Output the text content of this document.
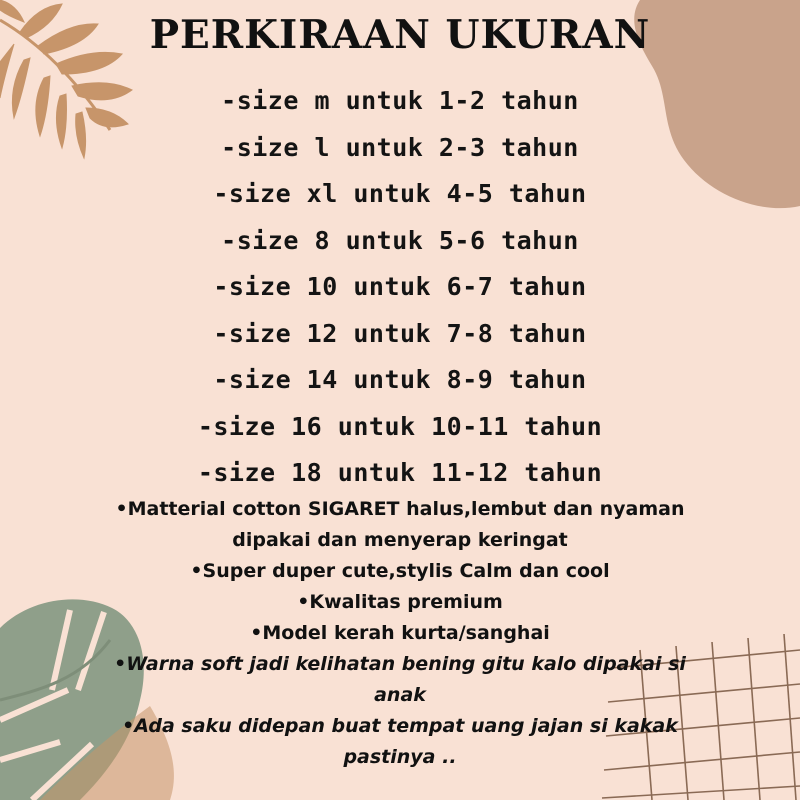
PERKIRAAN UKURAN
-size m untuk 1-2 tahun
-size l untuk 2-3 tahun
-size xl untuk 4-5 tahun
-size 8 untuk 5-6 tahun
-size 10 untuk 6-7 tahun
-size 12 untuk 7-8 tahun
-size 14 untuk 8-9 tahun
-size 16 untuk 10-11 tahun
-size 18 untuk 11-12 tahun
•Matterial cotton SIGARET halus,lembut dan nyaman dipakai dan menyerap keringat
•Super duper cute,stylis Calm dan cool
•Kwalitas premium
•Model kerah kurta/sanghai
•Warna soft jadi kelihatan bening gitu kalo dipakai si anak
•Ada saku didepan buat tempat uang jajan si kakak pastinya ..
